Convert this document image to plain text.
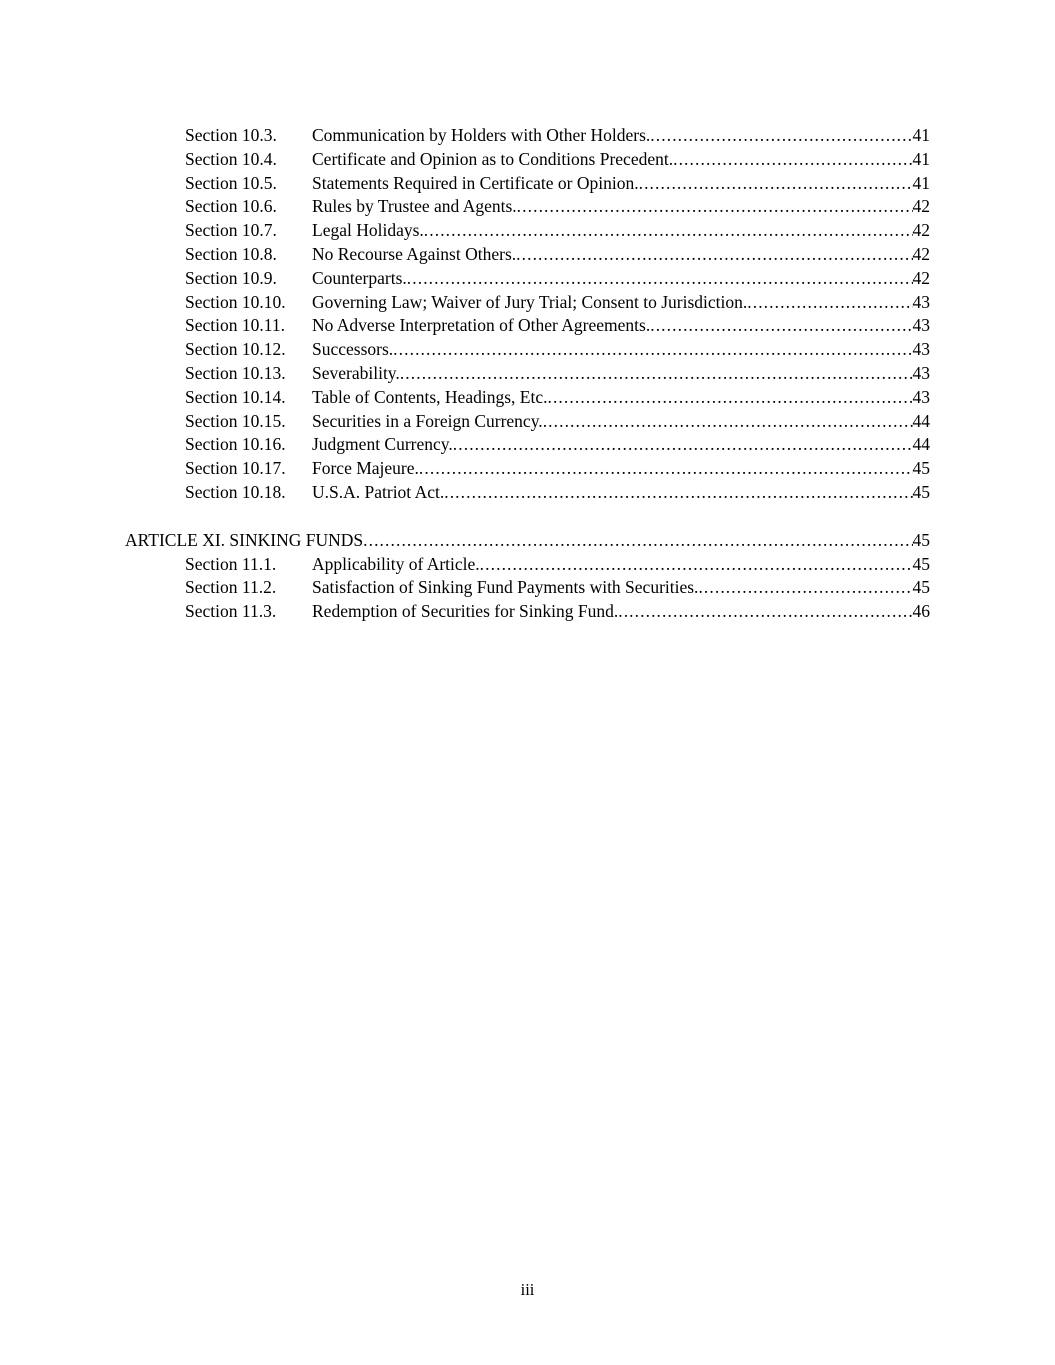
Section 10.3.	Communication by Holders with Other Holders. .....	41
Section 10.4.	Certificate and Opinion as to Conditions Precedent. .....	41
Section 10.5.	Statements Required in Certificate or Opinion. .....	41
Section 10.6.	Rules by Trustee and Agents. .....	42
Section 10.7.	Legal Holidays. .....	42
Section 10.8.	No Recourse Against Others. .....	42
Section 10.9.	Counterparts. .....	42
Section 10.10.	Governing Law; Waiver of Jury Trial; Consent to Jurisdiction. .....	43
Section 10.11.	No Adverse Interpretation of Other Agreements. .....	43
Section 10.12.	Successors. .....	43
Section 10.13.	Severability. .....	43
Section 10.14.	Table of Contents, Headings, Etc. .....	43
Section 10.15.	Securities in a Foreign Currency. .....	44
Section 10.16.	Judgment Currency. .....	44
Section 10.17.	Force Majeure. .....	45
Section 10.18.	U.S.A. Patriot Act. .....	45
ARTICLE XI. SINKING FUNDS .....	45
Section 11.1.	Applicability of Article. .....	45
Section 11.2.	Satisfaction of Sinking Fund Payments with Securities. .....	45
Section 11.3.	Redemption of Securities for Sinking Fund. .....	46
iii
